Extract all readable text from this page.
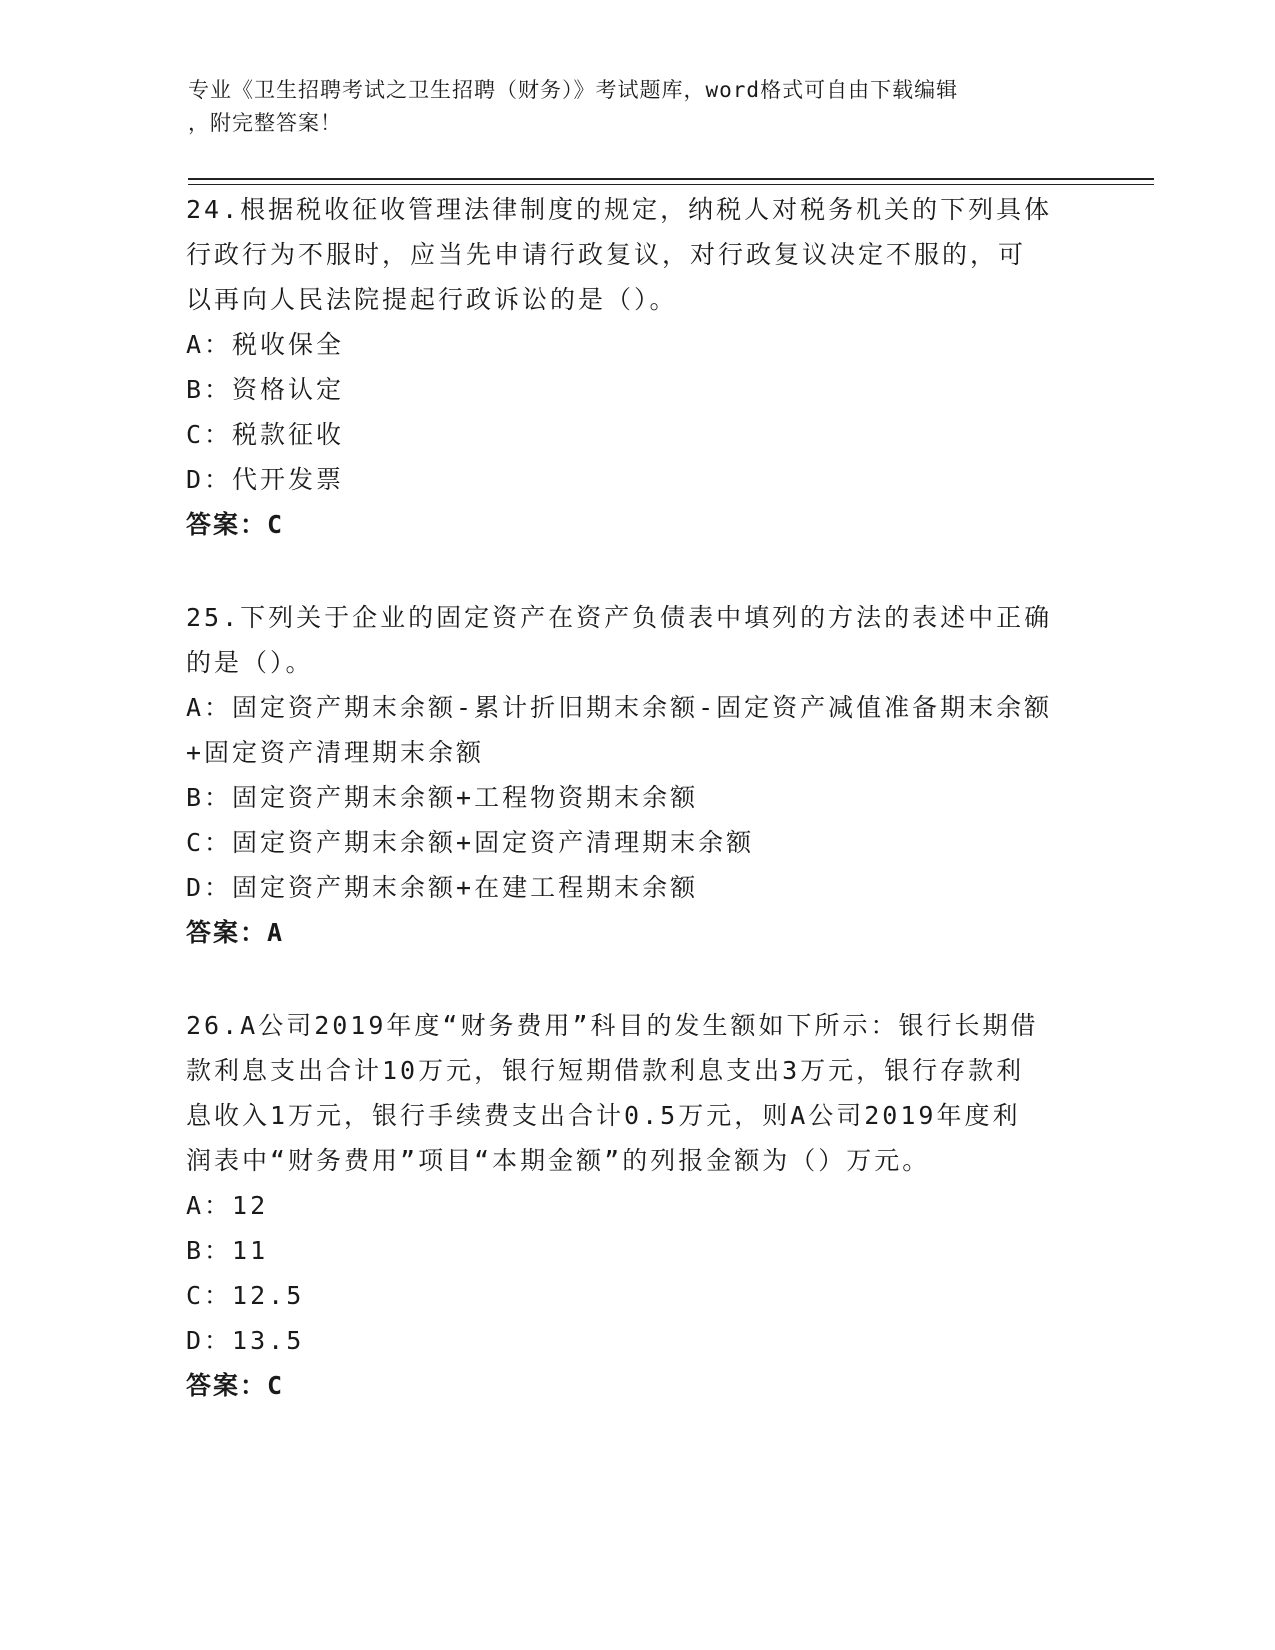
专业《卫生招聘考试之卫生招聘（财务）》考试题库，word格式可自由下载编辑
，附完整答案！

24.根据税收征收管理法律制度的规定，纳税人对税务机关的下列具体

行政行为不服时，应当先申请行政复议，对行政复议决定不服的，可

以再向人民法院提起行政诉讼的是（）。

A：税收保全

B：资格认定

C：税款征收

D：代开发票

答案：C

25.下列关于企业的固定资产在资产负债表中填列的方法的表述中正确

的是（）。

A：固定资产期末余额-累计折旧期末余额-固定资产减值准备期末余额

+固定资产清理期末余额

B：固定资产期末余额+工程物资期末余额

C：固定资产期末余额+固定资产清理期末余额

D：固定资产期末余额+在建工程期末余额

答案：A

26.A公司2019年度“财务费用”科目的发生额如下所示：银行长期借

款利息支出合计10万元，银行短期借款利息支出3万元，银行存款利

息收入1万元，银行手续费支出合计0.5万元，则A公司2019年度利

润表中“财务费用”项目“本期金额”的列报金额为（）万元。

A：12

B：11

C：12.5

D：13.5

答案：C
